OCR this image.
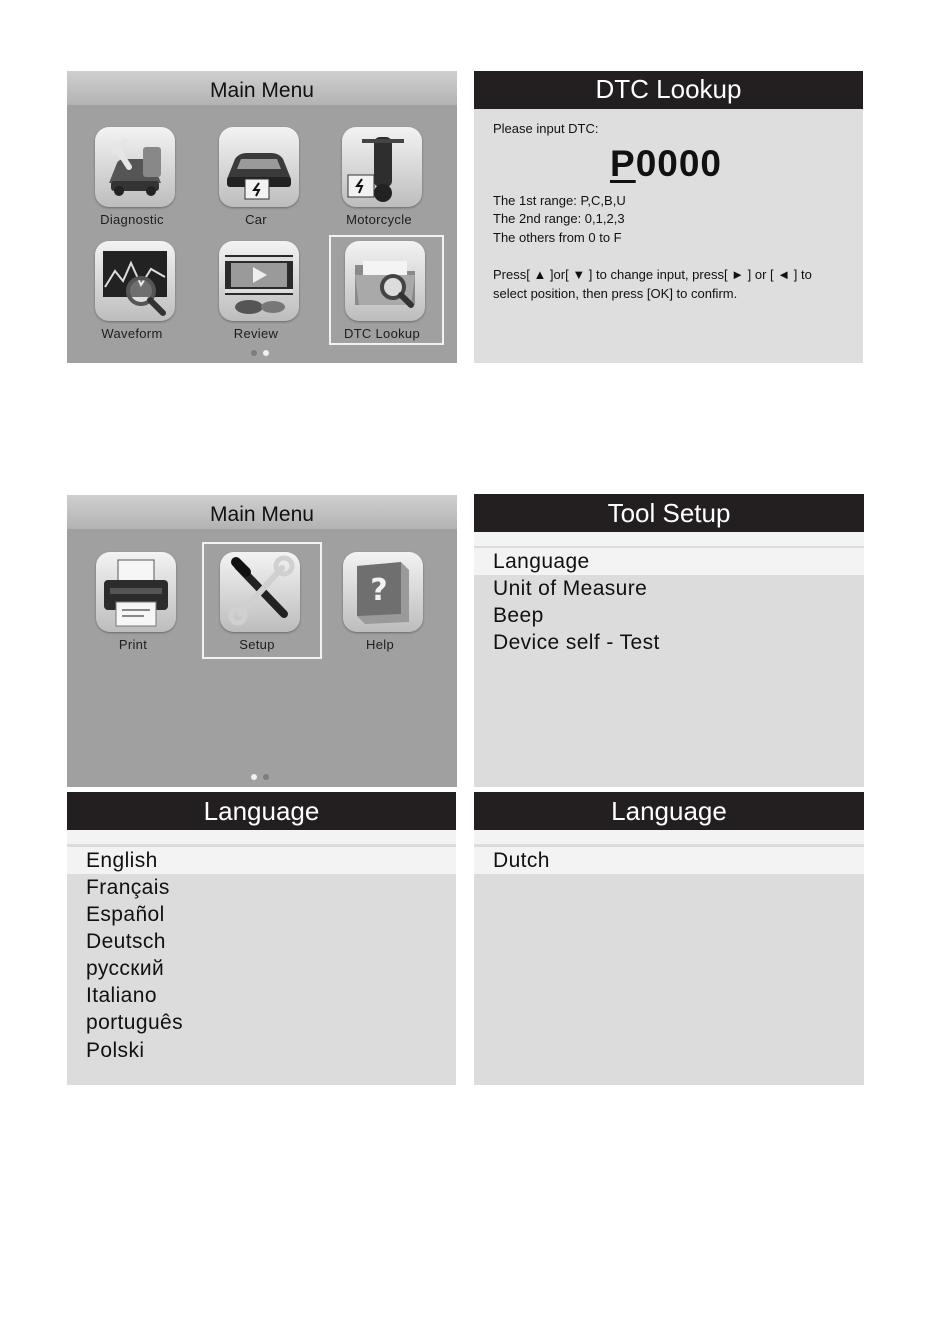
Main Menu
Diagnostic	Car	Motorcycle
Waveform	Review	DTC Lookup
DTC Lookup
Please input DTC:
P0000
The 1st range: P,C,B,U
The 2nd range: 0,1,2,3
The others from 0 to F
Press[ ▲ ]or[ ▼ ] to change input, press[ ► ] or [ ◄ ] to
select position, then press [OK] to confirm.
Main Menu
Print	Setup
?
Help
Tool Setup
Language
Unit of Measure
Beep
Device self - Test
Language
English
Français
Español
Deutsch
русский
Italiano
português
Polski
Language
Dutch
